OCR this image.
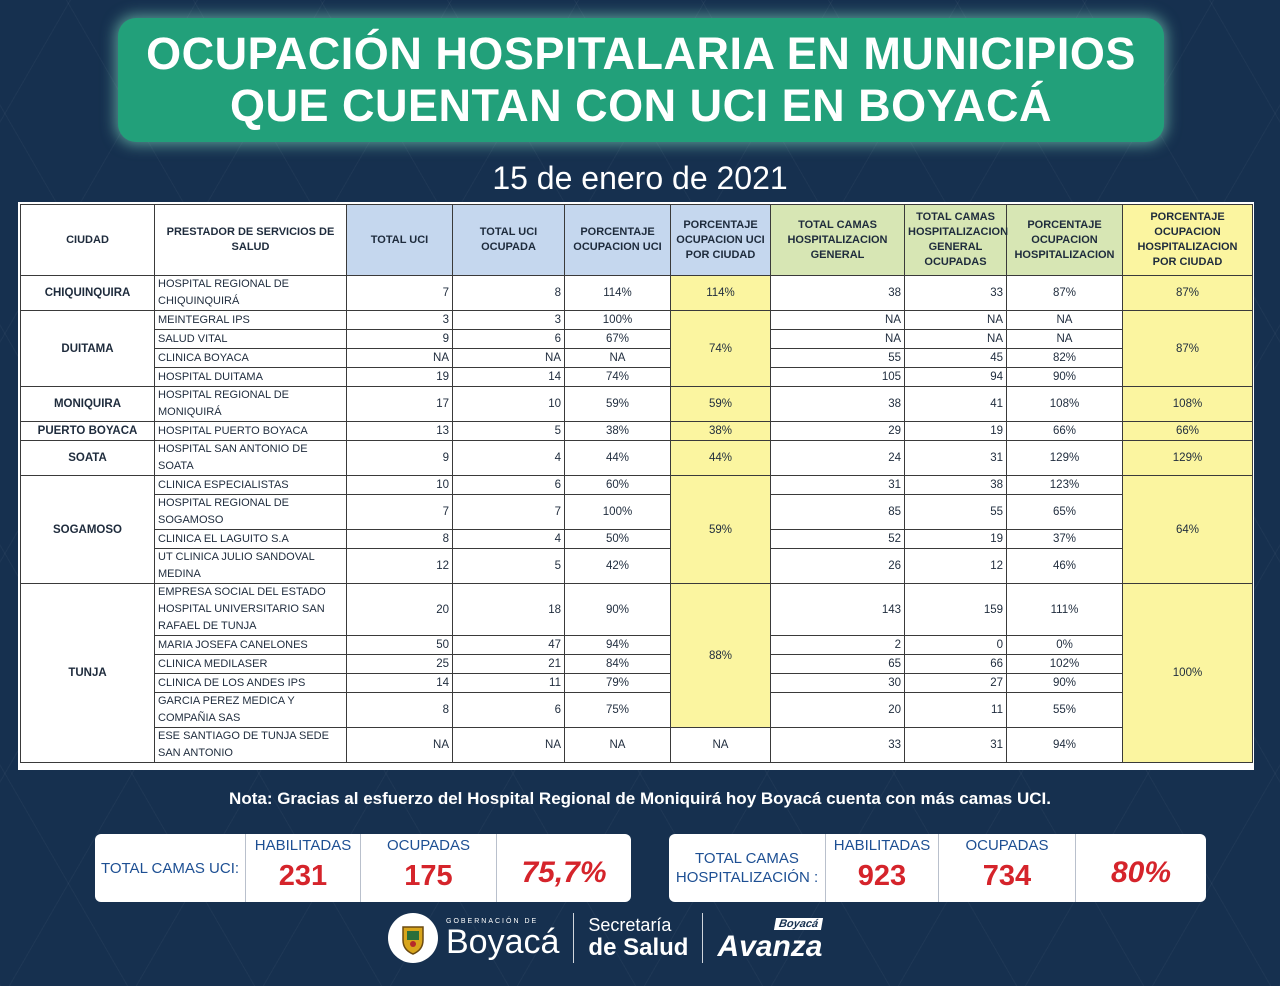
OCUPACIÓN HOSPITALARIA EN MUNICIPIOS
QUE CUENTAN CON UCI EN BOYACÁ
15 de enero de 2021
CIUDAD	PRESTADOR DE SERVICIOS DE SALUD	TOTAL UCI	TOTAL UCI OCUPADA	PORCENTAJE OCUPACION UCI	PORCENTAJE OCUPACION UCI POR CIUDAD	TOTAL CAMAS HOSPITALIZACION GENERAL	TOTAL CAMAS HOSPITALIZACION GENERAL OCUPADAS	PORCENTAJE OCUPACION HOSPITALIZACION	PORCENTAJE OCUPACION HOSPITALIZACION POR CIUDAD
CHIQUINQUIRA	HOSPITAL REGIONAL DE CHIQUINQUIRÁ	7	8	114%	114%	38	33	87%	87%
DUITAMA	MEINTEGRAL IPS	3	3	100%	74%	NA	NA	NA	87%
	SALUD VITAL	9	6	67%		NA	NA	NA	
	CLINICA BOYACA	NA	NA	NA		55	45	82%	
	HOSPITAL DUITAMA	19	14	74%		105	94	90%	
MONIQUIRA	HOSPITAL REGIONAL DE MONIQUIRÁ	17	10	59%	59%	38	41	108%	108%
PUERTO BOYACA	HOSPITAL PUERTO BOYACA	13	5	38%	38%	29	19	66%	66%
SOATA	HOSPITAL SAN ANTONIO DE SOATA	9	4	44%	44%	24	31	129%	129%
SOGAMOSO	CLINICA ESPECIALISTAS	10	6	60%	59%	31	38	123%	64%
	HOSPITAL REGIONAL DE SOGAMOSO	7	7	100%		85	55	65%	
	CLINICA EL LAGUITO S.A	8	4	50%		52	19	37%	
	UT CLINICA JULIO SANDOVAL MEDINA	12	5	42%		26	12	46%	
TUNJA	EMPRESA SOCIAL DEL ESTADO HOSPITAL UNIVERSITARIO SAN RAFAEL DE TUNJA	20	18	90%	88%	143	159	111%	100%
	MARIA JOSEFA CANELONES	50	47	94%		2	0	0%	
	CLINICA MEDILASER	25	21	84%		65	66	102%	
	CLINICA DE LOS ANDES IPS	14	11	79%		30	27	90%	
	GARCIA PEREZ MEDICA Y COMPAÑIA SAS	8	6	75%		20	11	55%	
	ESE SANTIAGO DE TUNJA SEDE SAN ANTONIO	NA	NA	NA	NA	33	31	94%	
Nota: Gracias al esfuerzo del Hospital Regional de Moniquirá hoy Boyacá cuenta con más camas UCI.
TOTAL CAMAS UCI:
HABILITADAS
231
OCUPADAS
175 75,7%	TOTAL CAMAS HOSPITALIZACIÓN :
HABILITADAS
923
OCUPADAS
734	80%
GOBERNACIÓN DE
Boyacá Secretaría
de Salud
Boyacá
Avanza
